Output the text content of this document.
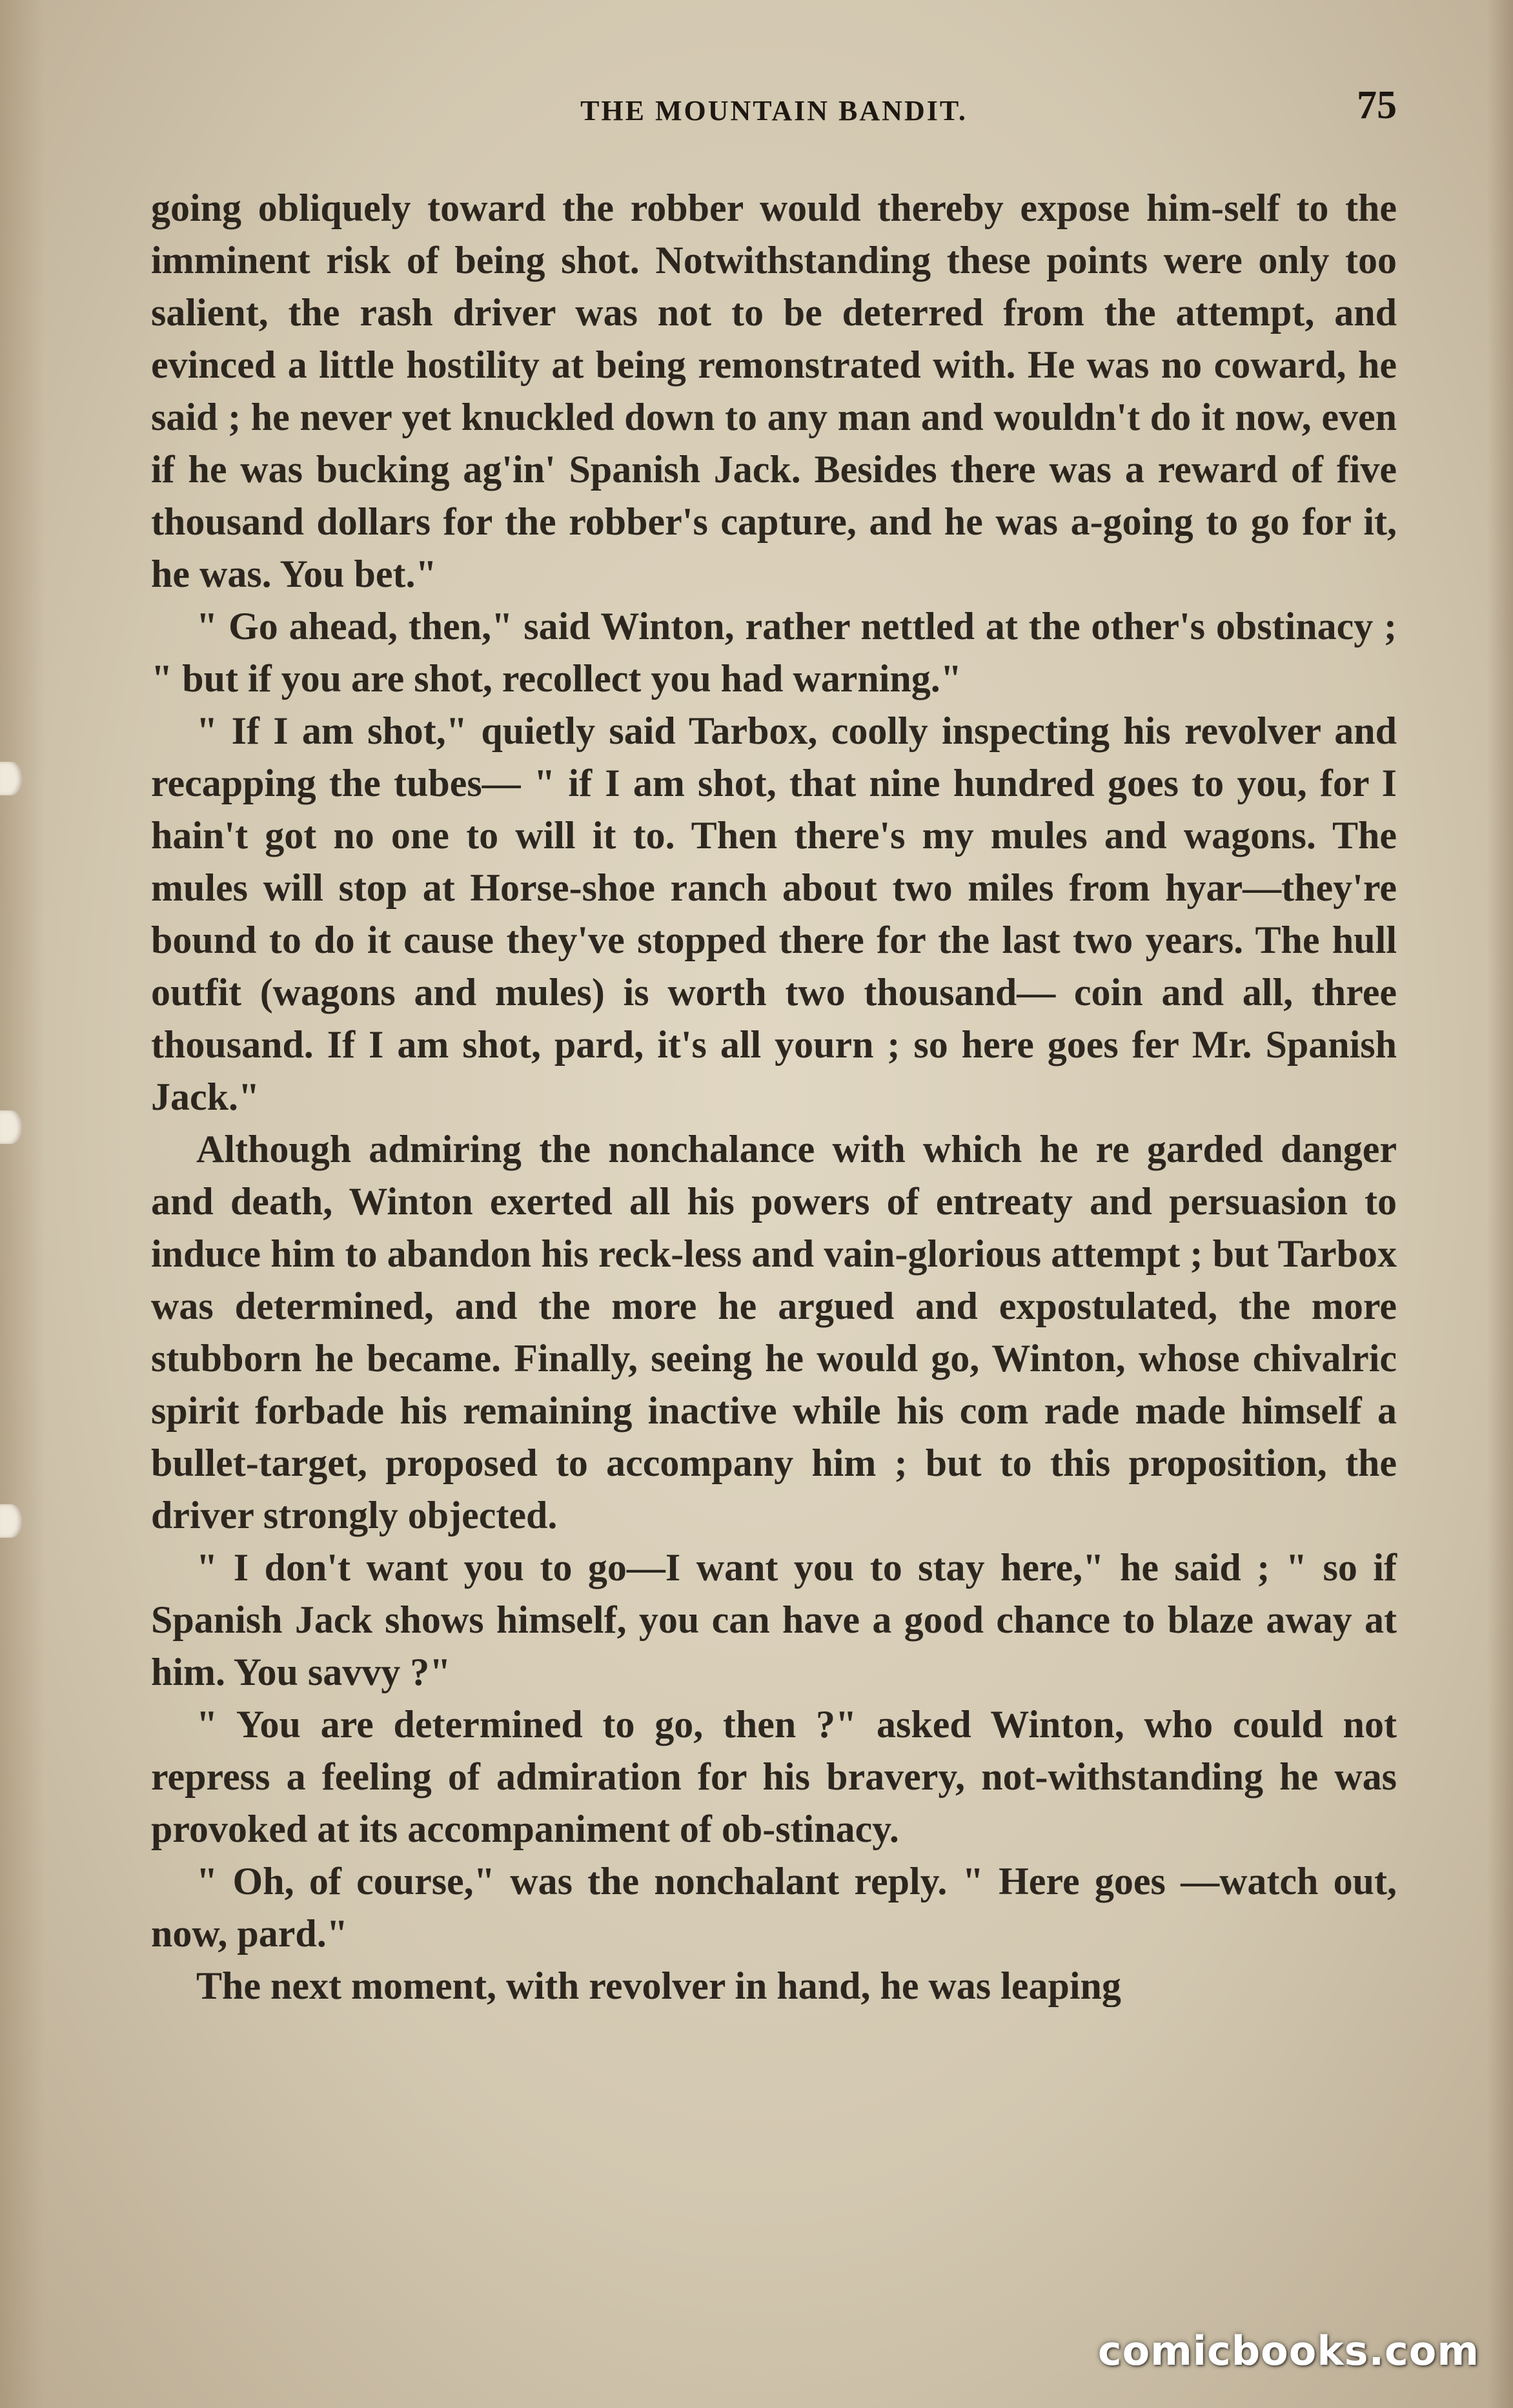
THE MOUNTAIN BANDIT.	75

going obliquely toward the robber would thereby expose him-self to the imminent risk of being shot. Notwithstanding these points were only too salient, the rash driver was not to be deterred from the attempt, and evinced a little hostility at being remonstrated with. He was no coward, he said ; he never yet knuckled down to any man and wouldn't do it now, even if he was bucking ag'in' Spanish Jack. Besides there was a reward of five thousand dollars for the robber's capture, and he was a-going to go for it, he was. You bet."

" Go ahead, then," said Winton, rather nettled at the other's obstinacy ; " but if you are shot, recollect you had warning."

" If I am shot," quietly said Tarbox, coolly inspecting his revolver and recapping the tubes— " if I am shot, that nine hundred goes to you, for I hain't got no one to will it to. Then there's my mules and wagons. The mules will stop at Horse-shoe ranch about two miles from hyar—they're bound to do it cause they've stopped there for the last two years. The hull outfit (wagons and mules) is worth two thousand— coin and all, three thousand. If I am shot, pard, it's all yourn ; so here goes fer Mr. Spanish Jack."

Although admiring the nonchalance with which he re garded danger and death, Winton exerted all his powers of entreaty and persuasion to induce him to abandon his reck-less and vain-glorious attempt ; but Tarbox was determined, and the more he argued and expostulated, the more stubborn he became. Finally, seeing he would go, Winton, whose chivalric spirit forbade his remaining inactive while his com rade made himself a bullet-target, proposed to accompany him ; but to this proposition, the driver strongly objected.

" I don't want you to go—I want you to stay here," he said ; " so if Spanish Jack shows himself, you can have a good chance to blaze away at him. You savvy ?"

" You are determined to go, then ?" asked Winton, who could not repress a feeling of admiration for his bravery, not-withstanding he was provoked at its accompaniment of ob-stinacy.

" Oh, of course," was the nonchalant reply. " Here goes —watch out, now, pard."

The next moment, with revolver in hand, he was leaping

comicbooks.com
